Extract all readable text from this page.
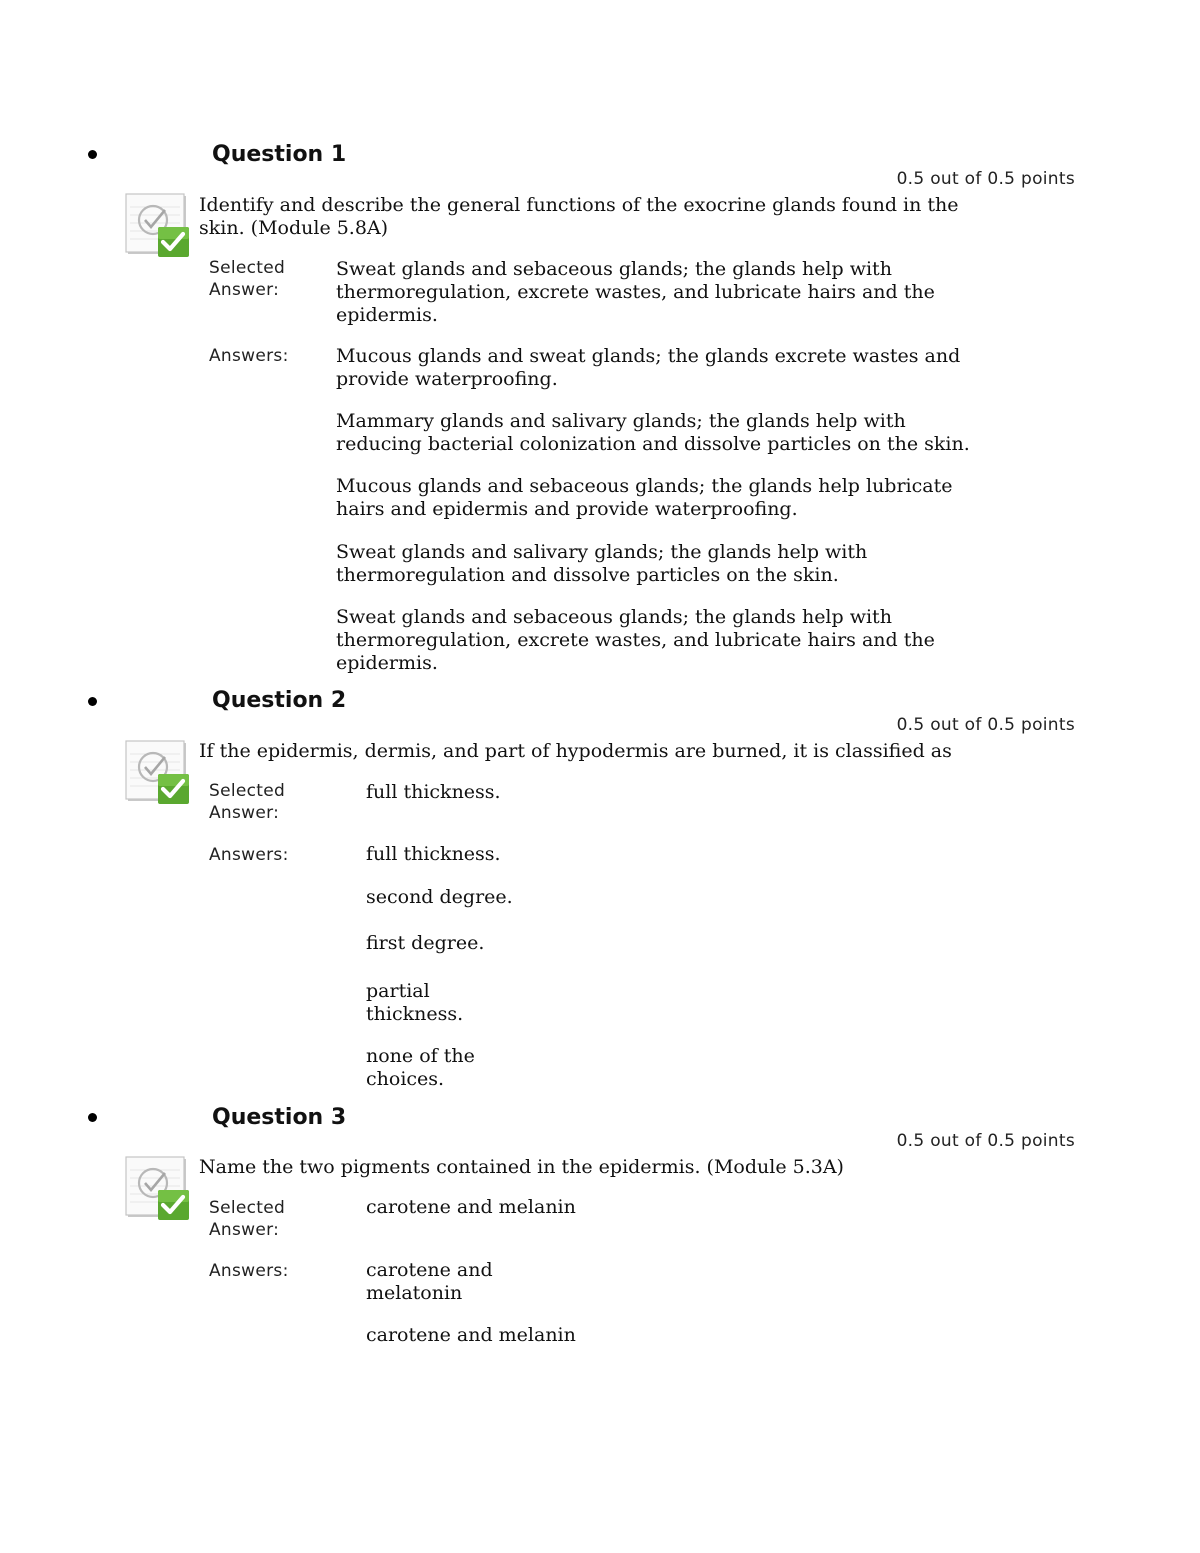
Question 1
0.5 out of 0.5 points
Identify and describe the general functions of the exocrine glands found in the skin. (Module 5.8A)
Selected Answer:
Sweat glands and sebaceous glands; the glands help with thermoregulation, excrete wastes, and lubricate hairs and the epidermis.
Answers: Mucous glands and sweat glands; the glands excrete wastes and provide waterproofing.
Mammary glands and salivary glands; the glands help with reducing bacterial colonization and dissolve particles on the skin.
Mucous glands and sebaceous glands; the glands help lubricate hairs and epidermis and provide waterproofing.
Sweat glands and salivary glands; the glands help with thermoregulation and dissolve particles on the skin.
Sweat glands and sebaceous glands; the glands help with thermoregulation, excrete wastes, and lubricate hairs and the epidermis.
Question 2
0.5 out of 0.5 points
If the epidermis, dermis, and part of hypodermis are burned, it is classified as
Selected Answer:
full thickness.
Answers:	full thickness.
second degree.
first degree.
partial thickness.
none of the choices.
Question 3
0.5 out of 0.5 points
Name the two pigments contained in the epidermis. (Module 5.3A)
Selected Answer:
carotene and melanin
Answers:	carotene and melatonin
carotene and melanin
